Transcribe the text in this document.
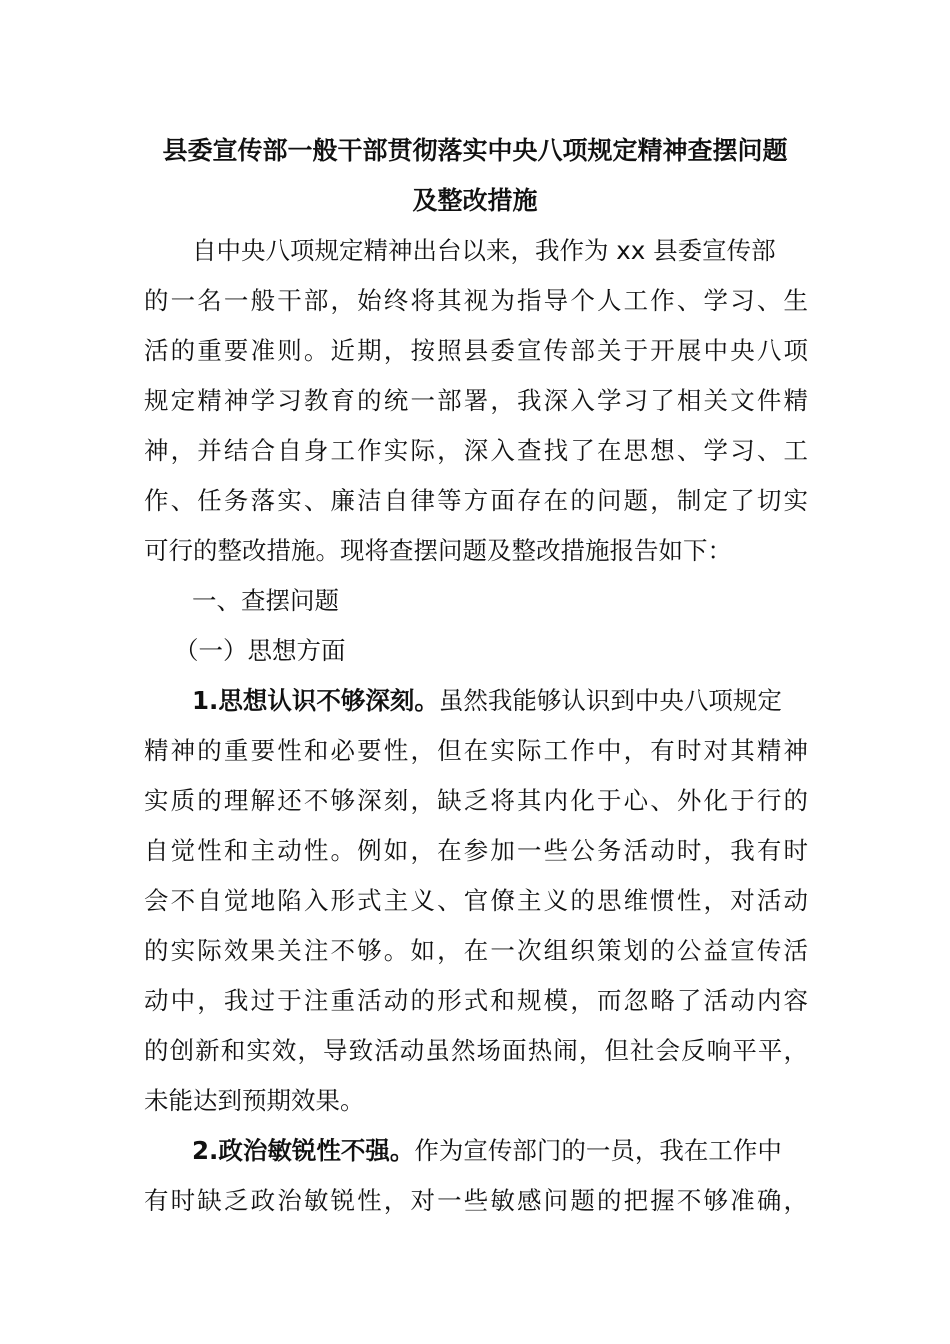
县委宣传部一般干部贯彻落实中央八项规定精神查摆问题
及整改措施
自中央八项规定精神出台以来，我作为 xx 县委宣传部
的一名一般干部，始终将其视为指导个人工作、学习、生
活的重要准则。近期，按照县委宣传部关于开展中央八项
规定精神学习教育的统一部署，我深入学习了相关文件精
神，并结合自身工作实际，深入查找了在思想、学习、工
作、任务落实、廉洁自律等方面存在的问题，制定了切实
可行的整改措施。现将查摆问题及整改措施报告如下：
一、查摆问题
（一）思想方面
1.思想认识不够深刻。虽然我能够认识到中央八项规定
精神的重要性和必要性，但在实际工作中，有时对其精神
实质的理解还不够深刻，缺乏将其内化于心、外化于行的
自觉性和主动性。例如，在参加一些公务活动时，我有时
会不自觉地陷入形式主义、官僚主义的思维惯性，对活动
的实际效果关注不够。如，在一次组织策划的公益宣传活
动中，我过于注重活动的形式和规模，而忽略了活动内容
的创新和实效，导致活动虽然场面热闹，但社会反响平平，
未能达到预期效果。
2.政治敏锐性不强。作为宣传部门的一员，我在工作中
有时缺乏政治敏锐性，对一些敏感问题的把握不够准确，
